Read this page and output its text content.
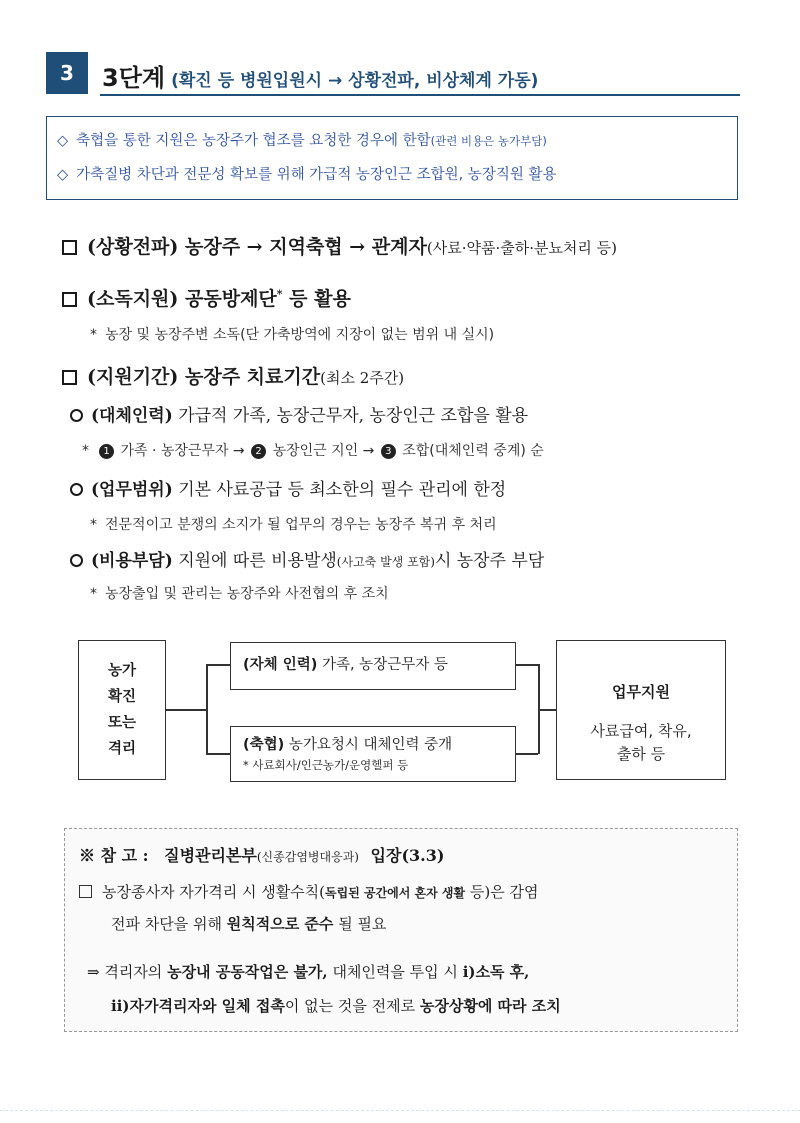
3	3단계 (확진 등 병원입원시 → 상황전파, 비상체계 가동)
◇ 축협을 통한 지원은 농장주가 협조를 요청한 경우에 한함(관련 비용은 농가부담)
◇ 가축질병 차단과 전문성 확보를 위해 가급적 농장인근 조합원, 농장직원 활용
(상황전파) 농장주 → 지역축협 → 관계자(사료·약품·출하·분뇨처리 등)
(소독지원) 공동방제단* 등 활용
* 농장 및 농장주변 소독(단 가축방역에 지장이 없는 범위 내 실시)
(지원기간) 농장주 치료기간(최소 2주간)
(대체인력) 가급적 가족, 농장근무자, 농장인근 조합을 활용
* 1 가족 · 농장근무자 → 2 농장인근 지인 → 3 조합(대체인력 중계) 순
(업무범위) 기본 사료공급 등 최소한의 필수 관리에 한정
* 전문적이고 분쟁의 소지가 될 업무의 경우는 농장주 복귀 후 처리
(비용부담) 지원에 따른 비용발생(사고축 발생 포함)시 농장주 부담
* 농장출입 및 관리는 농장주와 사전협의 후 조치
농가
확진
또는
격리
(자체 인력) 가족, 농장근무자 등
(축협) 농가요청시 대체인력 중개
* 사료회사/인근농가/운영헬퍼 등
업무지원
사료급여, 착유,
출하 등
※ 참 고 : 질병관리본부(신종감염병대응과) 입장(3.3)
농장종사자 자가격리 시 생활수칙(독립된 공간에서 혼자 생활 등)은 감염
전파 차단을 위해 원칙적으로 준수 될 필요
⇒ 격리자의 농장내 공동작업은 불가, 대체인력을 투입 시 ⅰ)소독 후,
ⅱ)자가격리자와 일체 접촉이 없는 것을 전제로 농장상황에 따라 조치
